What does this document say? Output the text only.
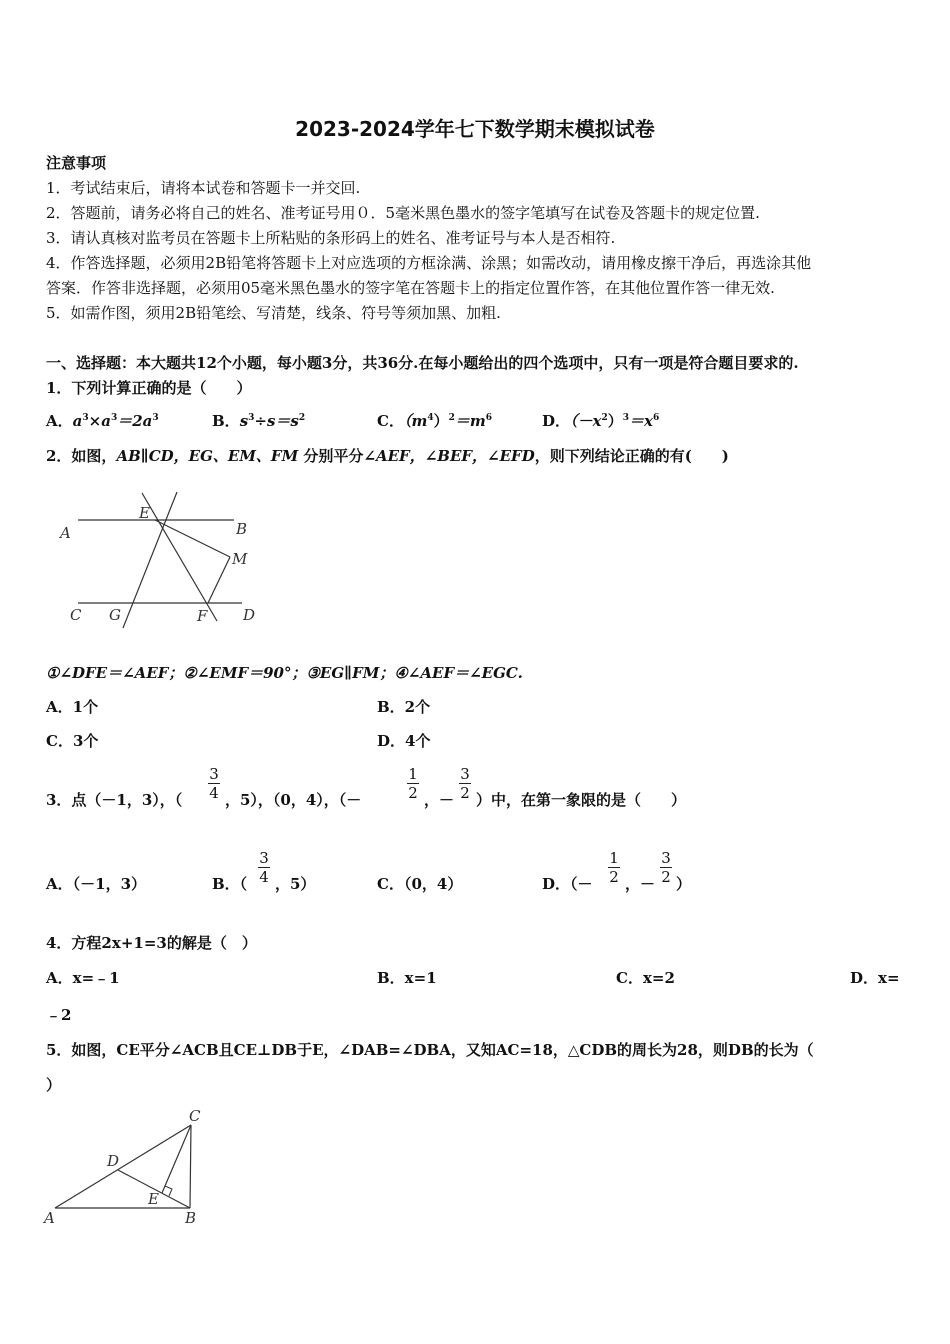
2023-2024学年七下数学期末模拟试卷
注意事项
1．考试结束后，请将本试卷和答题卡一并交回.
2．答题前，请务必将自己的姓名、准考证号用０．5毫米黑色墨水的签字笔填写在试卷及答题卡的规定位置.
3．请认真核对监考员在答题卡上所粘贴的条形码上的姓名、准考证号与本人是否相符.
4．作答选择题，必须用2B铅笔将答题卡上对应选项的方框涂满、涂黑；如需改动，请用橡皮擦干净后，再选涂其他
答案．作答非选择题，必须用05毫米黑色墨水的签字笔在答题卡上的指定位置作答，在其他位置作答一律无效.
5．如需作图，须用2B铅笔绘、写清楚，线条、符号等须加黑、加粗.
一、选择题：本大题共12个小题，每小题3分，共36分.在每小题给出的四个选项中，只有一项是符合题目要求的.
1．下列计算正确的是（　　）
A．$a^3\times a^3=2a^3$	B．$s^3\div s=s^2$	C．$(m^4)^2=m^6$	D．$(-x^2)^3=x^6$
2．如图，AB∥CD，EG、EM、FM 分别平分∠AEF，∠BEF，∠EFD，则下列结论正确的有(　　)
A	B
C	D
E
F
G
M
①∠DFE＝∠AEF；②∠EMF＝90°；③EG∥FM；④∠AEF＝∠EGC.
A．1个	B．2个
C．3个	D．4个
3．点（－1，3），（
3
4 ，5），（0，4），（－
1
2 ，－
3
2 ）中，在第一象限的是（　　）
A．（－1，3）	B．（
3
4 ，5）	C．（0，4）	D．（－
1
2 ，－
3
2 ）
4．方程2x+1=3的解是（　）
A．x=﹣1	B．x=1	C．x=2	D．x=
﹣2
5．如图，CE平分∠ACB且CE⊥DB于E，∠DAB=∠DBA，又知AC=18，△CDB的周长为28，则DB的长为（
）
A	B
C
D
E
